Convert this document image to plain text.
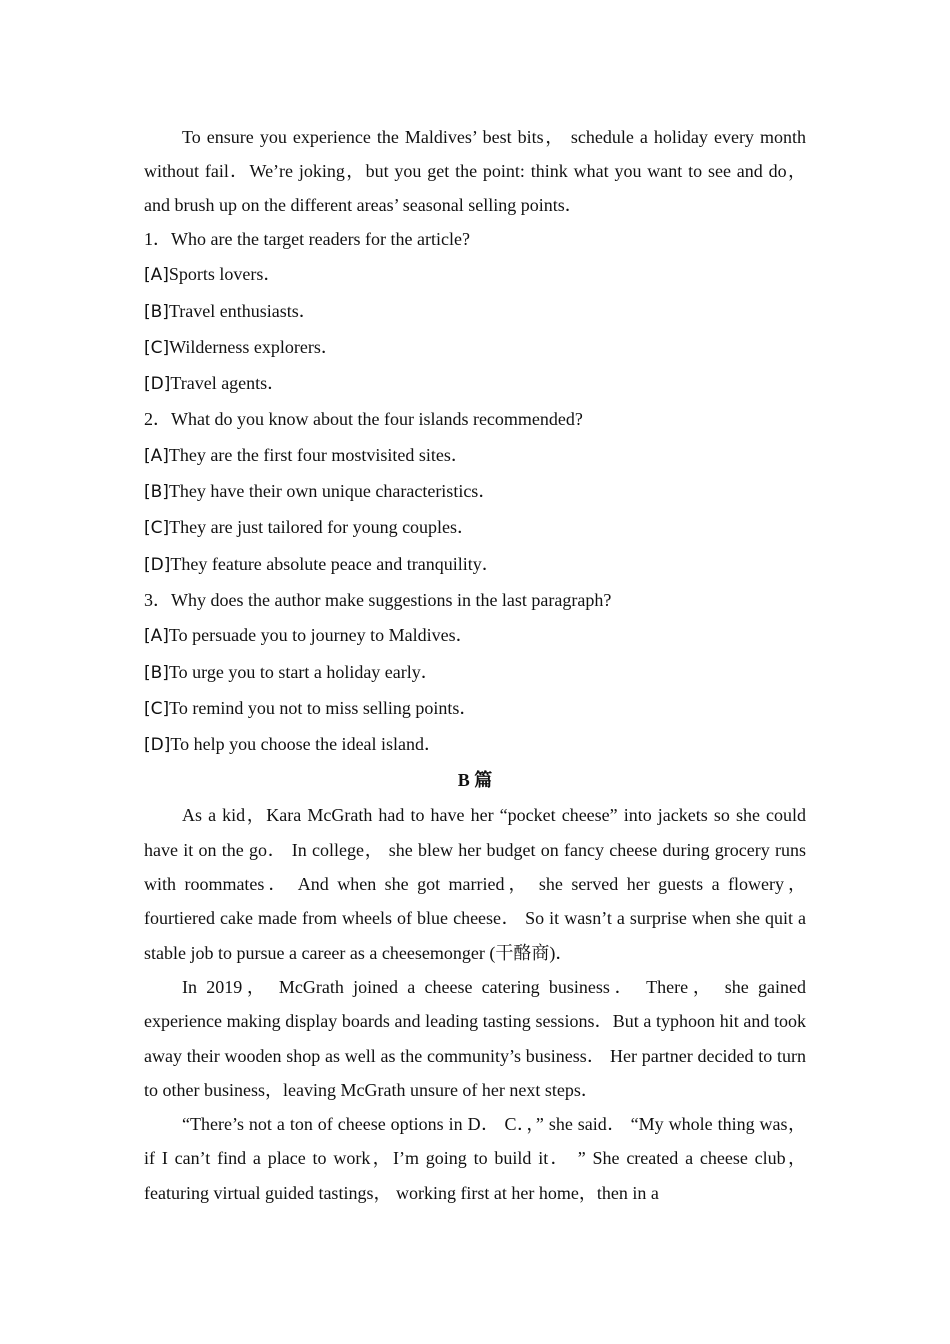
To ensure you experience the Maldives’ best bits， schedule a holiday every month without fail．We’re joking，but you get the point: think what you want to see and do，and brush up on the different areas’ seasonal selling points．

1．Who are the target readers for the article?

[A]Sports lovers．

[B]Travel enthusiasts．

[C]Wilderness explorers．

[D]Travel agents．

2．What do you know about the four islands recommended?

[A]They are the first four mostvisited sites．

[B]They have their own unique characteristics．

[C]They are just tailored for young couples．

[D]They feature absolute peace and tranquility．

3．Why does the author make suggestions in the last paragraph?

[A]To persuade you to journey to Maldives．

[B]To urge you to start a holiday early．

[C]To remind you not to miss selling points．

[D]To help you choose the ideal island．

B 篇

As a kid，Kara McGrath had to have her “pocket cheese” into jackets so she could have it on the go． In college， she blew her budget on fancy cheese during grocery runs with roommates． And when she got married， she served her guests a flowery， fourtiered cake made from wheels of blue cheese． So it wasn’t a surprise when she quit a stable job to pursue a career as a cheesemonger (干酪商)．

In 2019， McGrath joined a cheese catering business． There， she gained experience making display boards and leading tasting sessions．But a typhoon hit and took away their wooden shop as well as the community’s business． Her partner decided to turn to other business，leaving McGrath unsure of her next steps．

“There’s not a ton of cheese options in D． C．，” she said． “My whole thing was， if I can’t find a place to work，I’m going to build it． ” She created a cheese club， featuring virtual guided tastings， working first at her home，then in a
